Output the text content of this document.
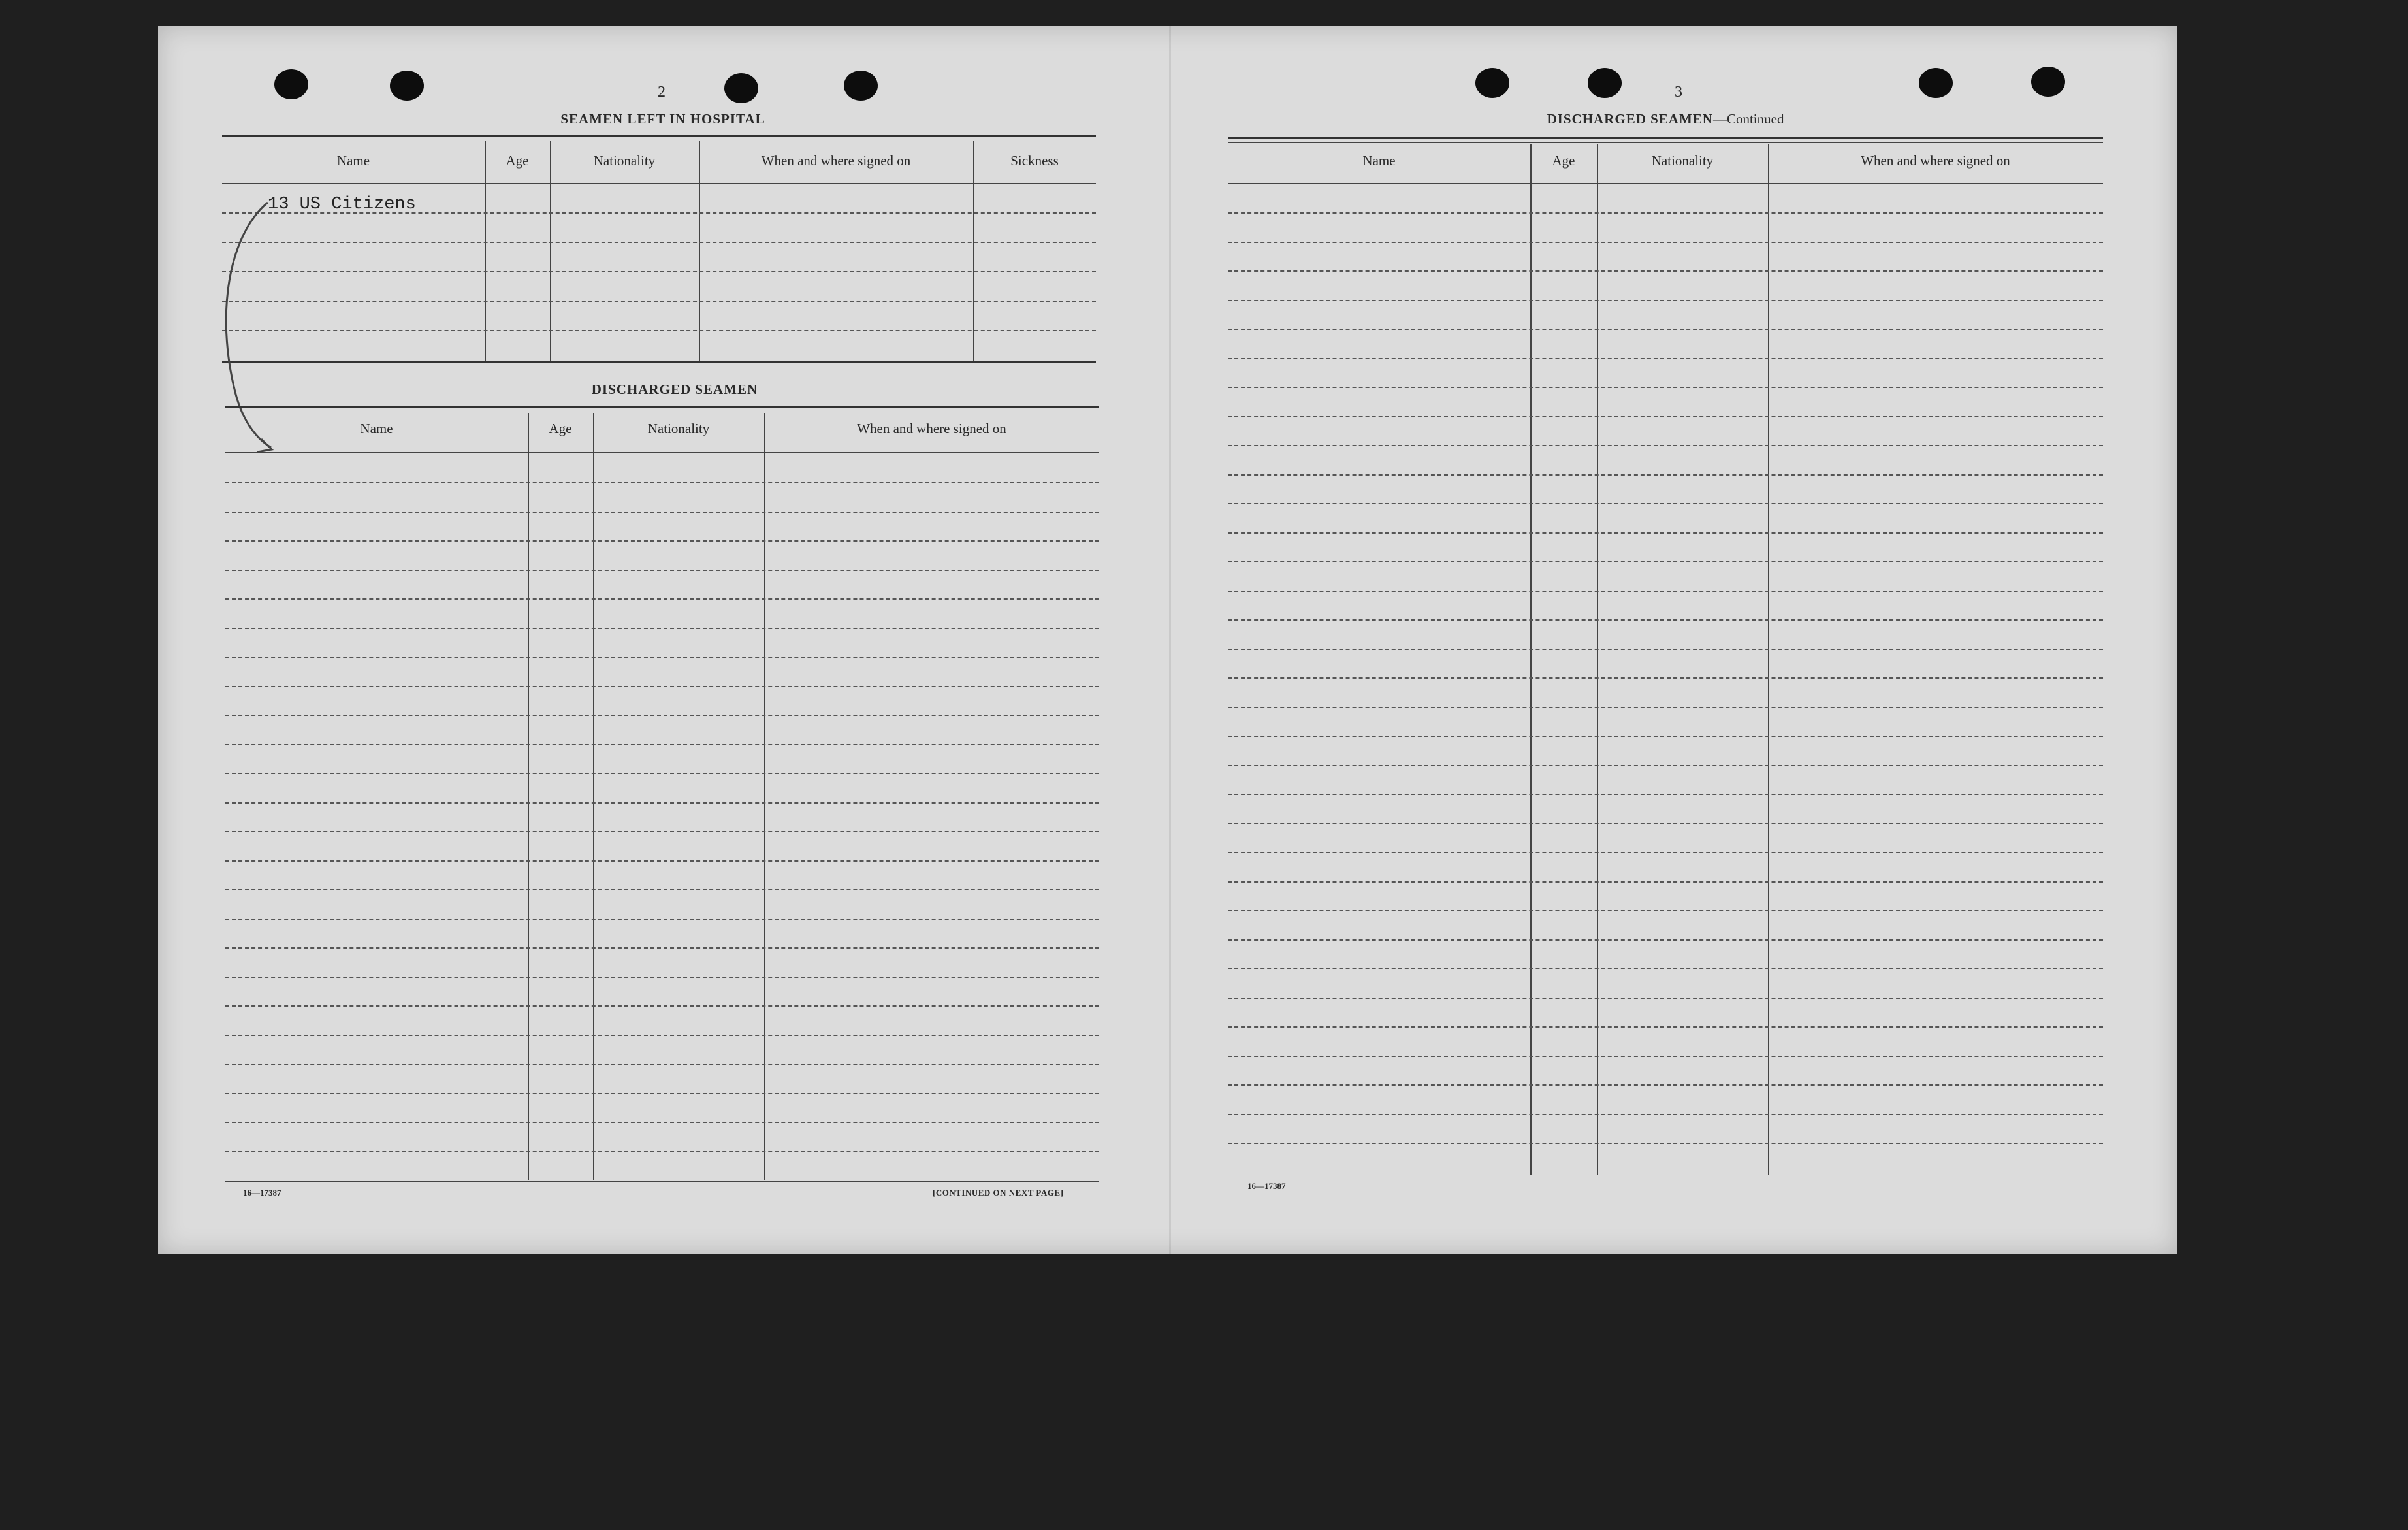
2
SEAMEN LEFT IN HOSPITAL
Name	Age	Nationality	When and where signed on	Sickness
13 US Citizens
DISCHARGED SEAMEN
Name	Age	Nationality	When and where signed on
16—17387	[CONTINUED ON NEXT PAGE]
3
DISCHARGED SEAMEN—Continued
Name	Age	Nationality	When and where signed on
16—17387
